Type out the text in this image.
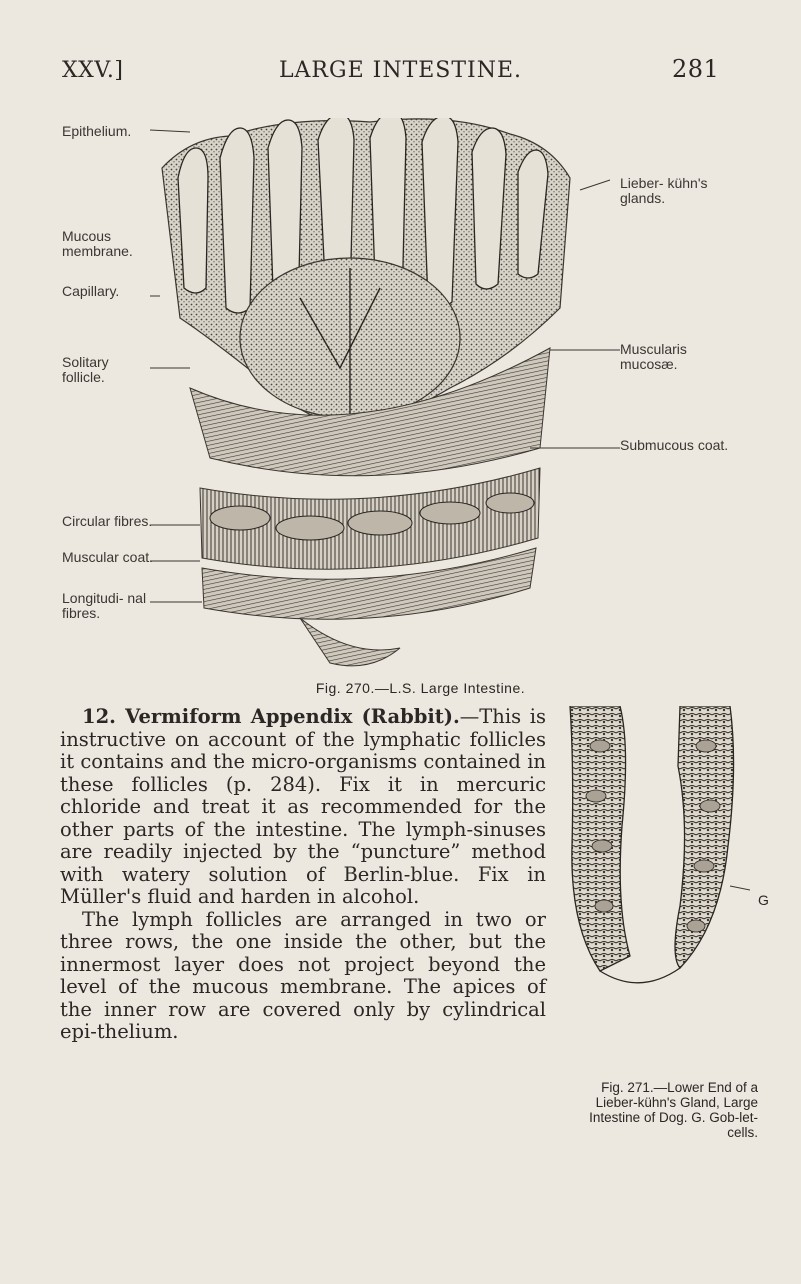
XXV.]	LARGE INTESTINE.	281
Epithelium.
Mucous membrane.
Capillary.
Solitary follicle.
Circular fibres.
Muscular coat.
Longitudi- nal fibres.
Lieber- kühn's glands.
Muscularis mucosæ.
Submucous coat.
Fig. 270.—L.S. Large Intestine.

12. Vermiform Appendix (Rabbit).—This is instructive on account of the lymphatic follicles it contains and the micro-organisms contained in these follicles (p. 284). Fix it in mercuric chloride and treat it as recommended for the other parts of the intestine. The lymph-sinuses are readily injected by the “puncture” method with watery solution of Berlin-blue. Fix in Müller's fluid and harden in alcohol.

The lymph follicles are arranged in two or three rows, the one inside the other, but the innermost layer does not project beyond the level of the mucous membrane. The apices of the inner row are covered only by cylindrical epi-thelium.

G
Fig. 271.—Lower End of a Lieber-kühn's Gland, Large Intestine of Dog. G. Gob-let-cells.
